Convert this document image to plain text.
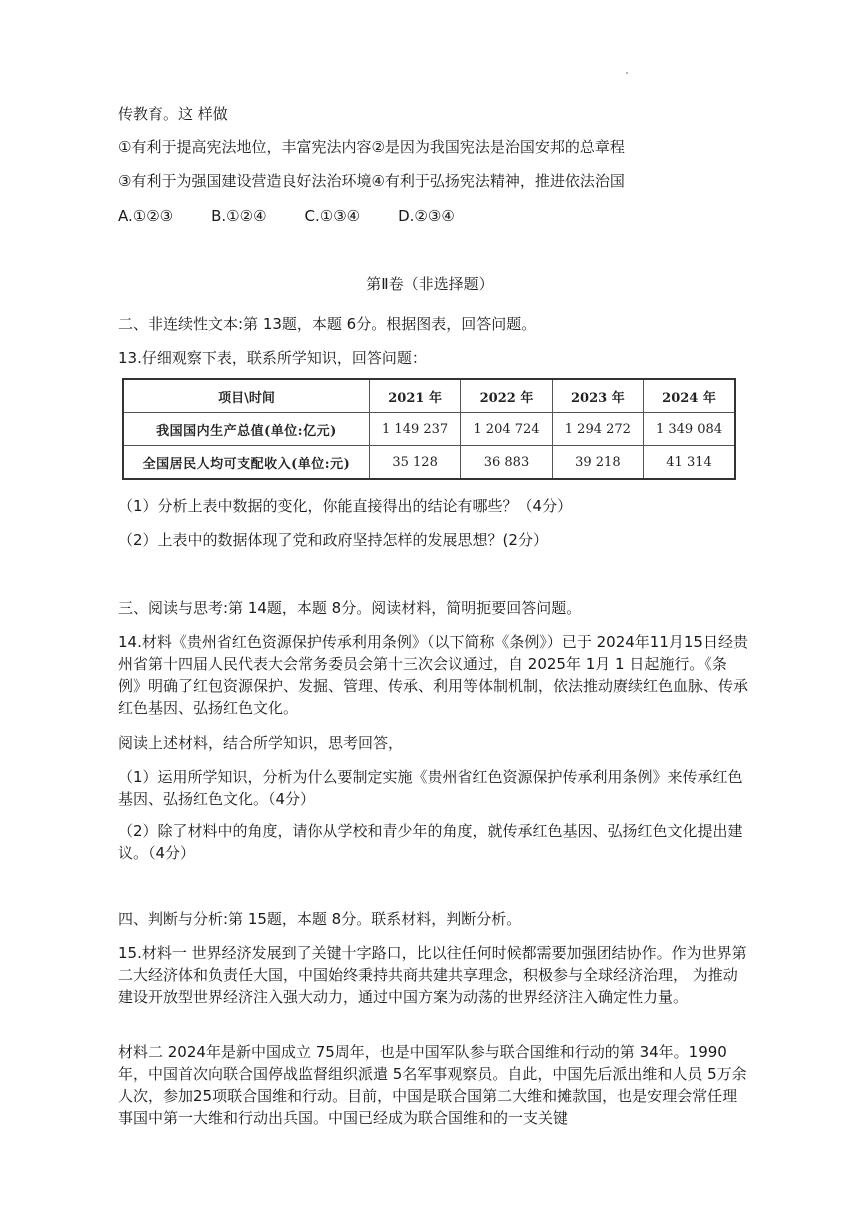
传教育。这 样做
①有利于提高宪法地位，丰富宪法内容②是因为我国宪法是治国安邦的总章程
③有利于为强国建设营造良好法治环境④有利于弘扬宪法精神，推进依法治国
A.①②③	B.①②④	C.①③④	D.②③④
第Ⅱ卷（非选择题）
二、非连续性文本:第 13题，本题 6分。根据图表，回答问题。
13.仔细观察下表，联系所学知识，回答问题：
项目\时间	2021 年	2022 年	2023 年	2024 年
我国国内生产总值(单位:亿元)	1 149 237	1 204 724	1 294 272	1 349 084
全国居民人均可支配收入(单位:元)	35 128	36 883	39 218	41 314
（1）分析上表中数据的变化，你能直接得出的结论有哪些？（4分）
（2）上表中的数据体现了党和政府坚持怎样的发展思想？(2分）
三、阅读与思考:第 14题，本题 8分。阅读材料，简明扼要回答问题。
14.材料《贵州省红色资源保护传承利用条例》（以下简称《条例》）已于 2024年11月15日经贵州省第十四届人民代表大会常务委员会第十三次会议通过，自 2025年 1月 1 日起施行。《条例》明确了红包资源保护、发掘、管理、传承、利用等体制机制，依法推动赓续红色血脉、传承红色基因、弘扬红色文化。
阅读上述材料，结合所学知识，思考回答，
（1）运用所学知识，分析为什么要制定实施《贵州省红色资源保护传承利用条例》来传承红色 基因、弘扬红色文化。（4分）
（2）除了材料中的角度，请你从学校和青少年的角度，就传承红色基因、弘扬红色文化提出建议。（4分）
四、判断与分析:第 15题，本题 8分。联系材料，判断分析。
15.材料一 世界经济发展到了关键十字路口，比以往任何时候都需要加强团结协作。作为世界第二大经济体和负责任大国，中国始终秉持共商共建共享理念，积极参与全球经济治理， 为推动建设开放型世界经济注入强大动力，通过中国方案为动荡的世界经济注入确定性力量。
材料二 2024年是新中国成立 75周年，也是中国军队参与联合国维和行动的第 34年。1990年，中国首次向联合国停战监督组织派遣 5名军事观察员。自此，中国先后派出维和人员 5万余人次，参加25项联合国维和行动。目前，中国是联合国第二大维和摊款国，也是安理会常任理事国中第一大维和行动出兵国。中国已经成为联合国维和的一支关键
